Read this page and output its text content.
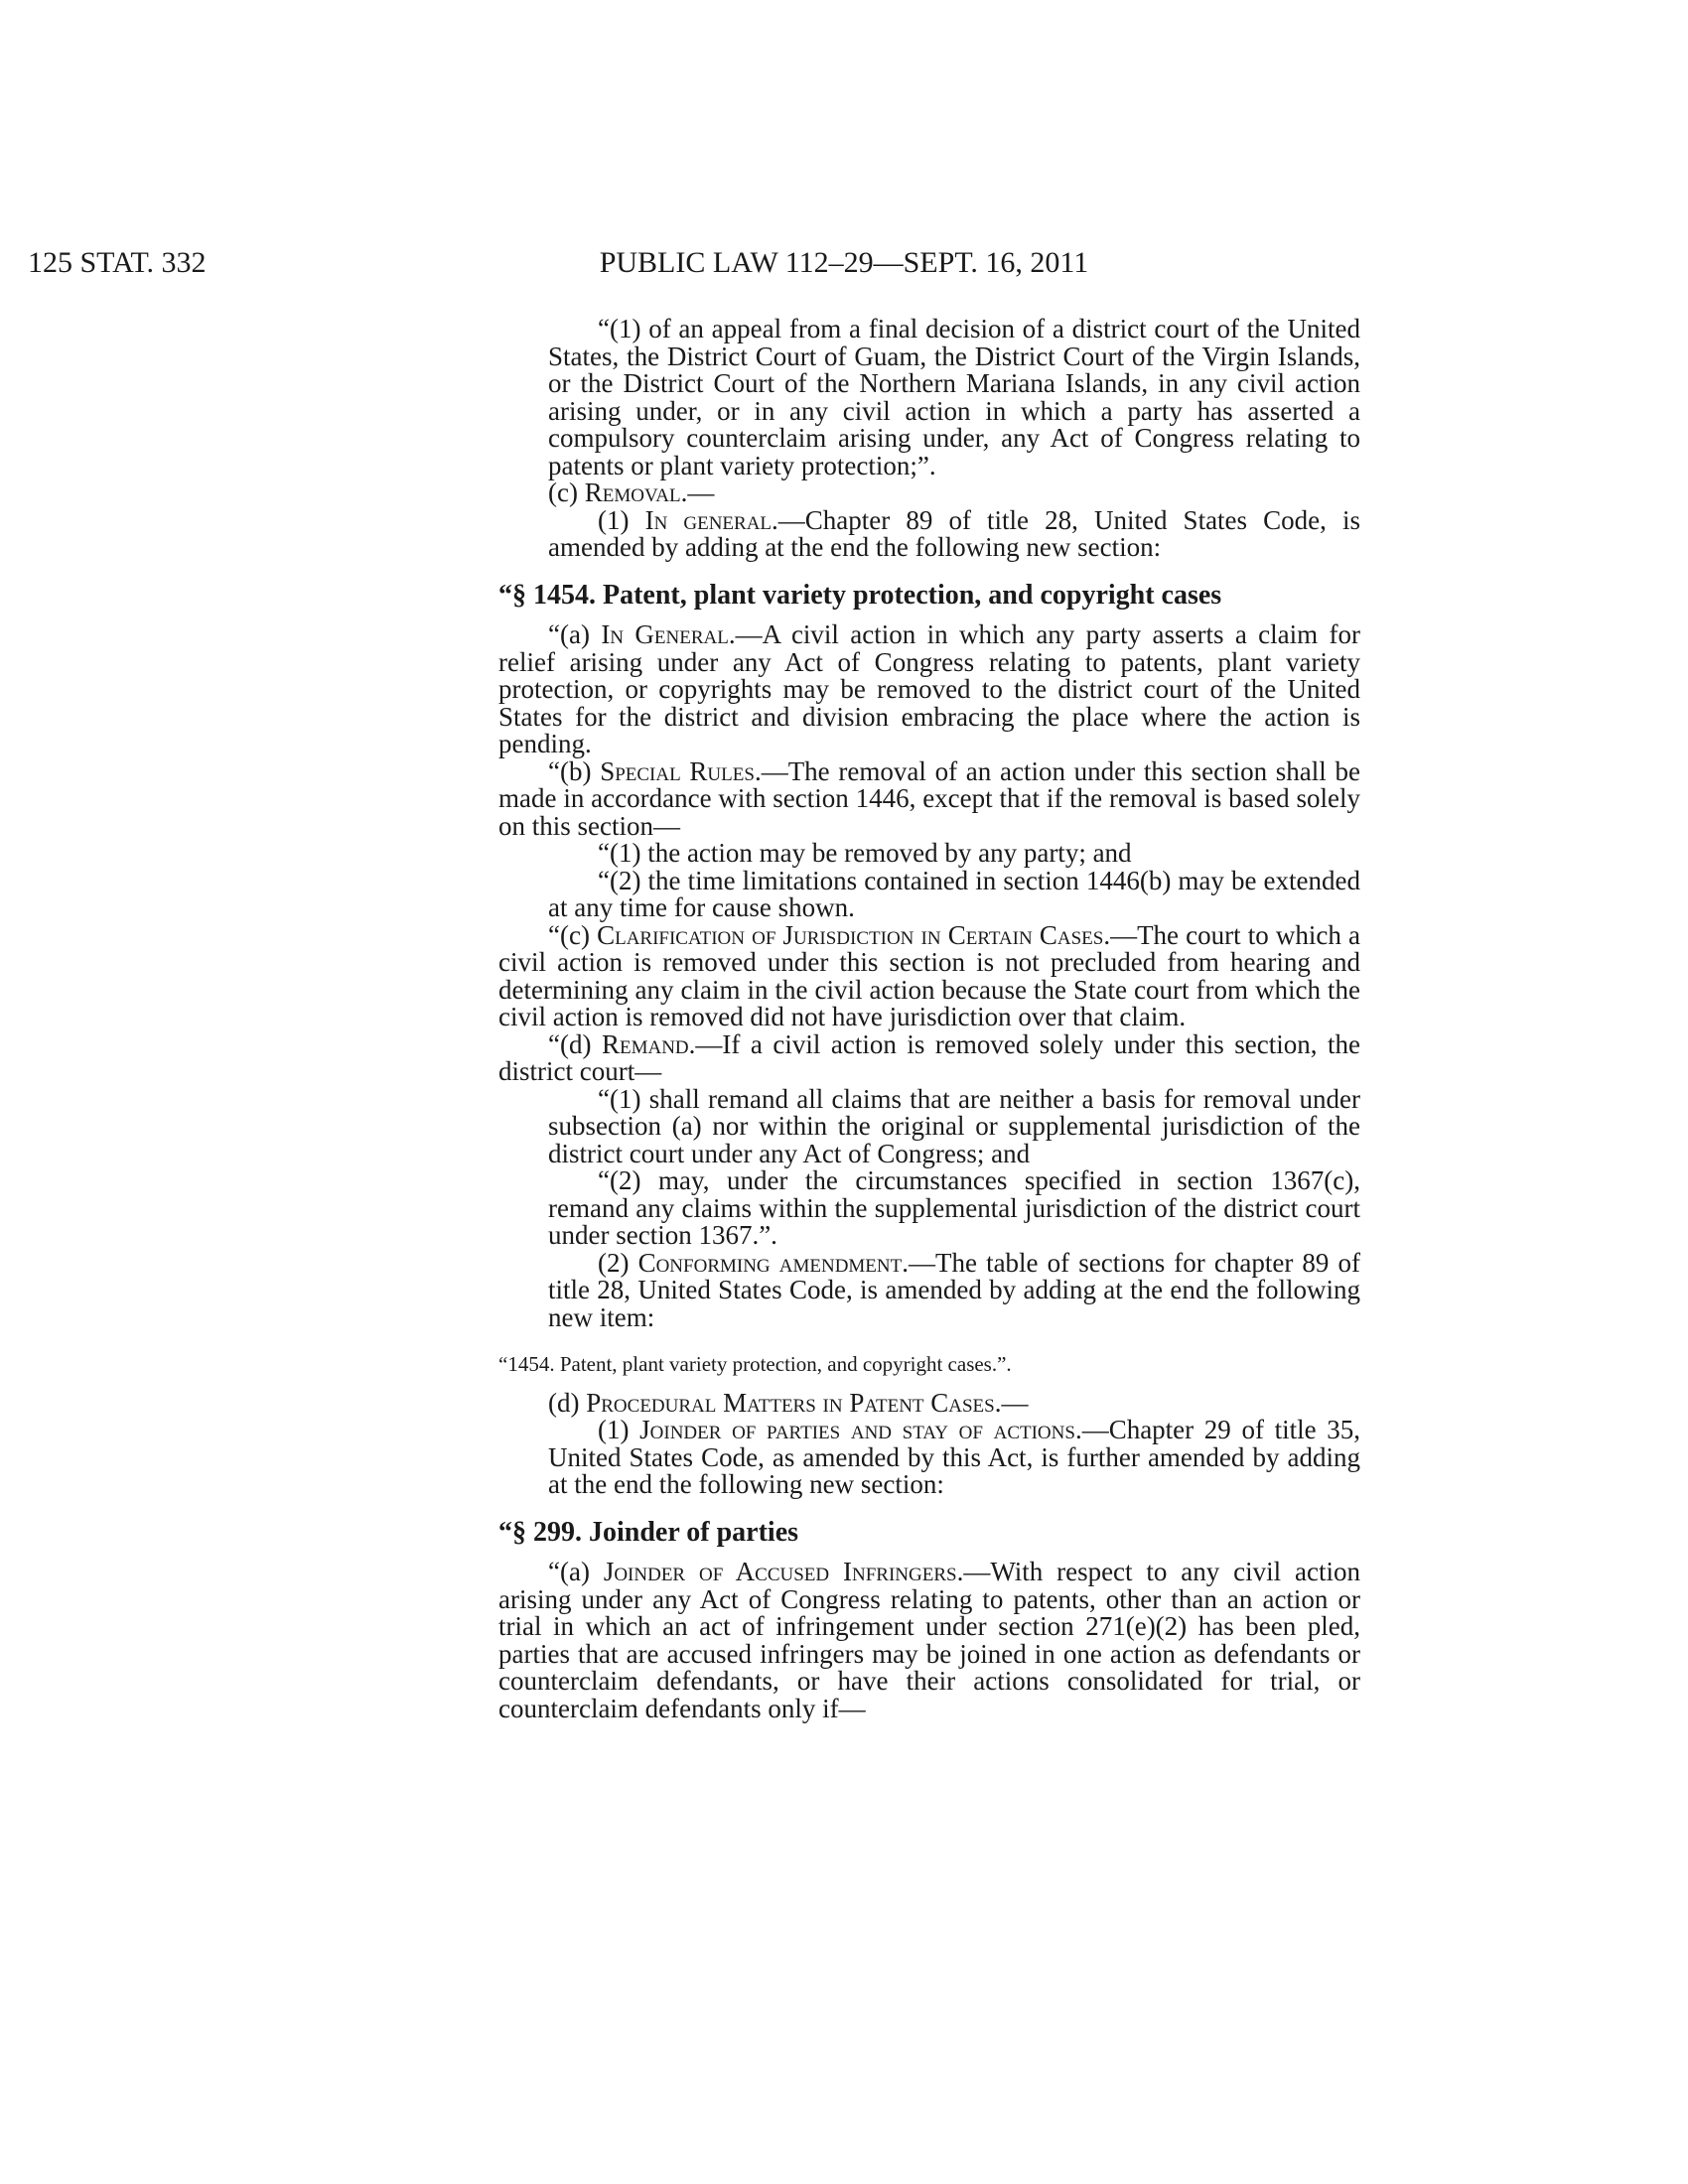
125 STAT. 332	PUBLIC LAW 112–29—SEPT. 16, 2011

“(1) of an appeal from a final decision of a district court of the United States, the District Court of Guam, the District Court of the Virgin Islands, or the District Court of the Northern Mariana Islands, in any civil action arising under, or in any civil action in which a party has asserted a compulsory counterclaim arising under, any Act of Congress relating to patents or plant variety protection;”.

(c) Removal.—

(1) In general.—Chapter 89 of title 28, United States Code, is amended by adding at the end the following new section:

“§ 1454. Patent, plant variety protection, and copyright cases

“(a) In General.—A civil action in which any party asserts a claim for relief arising under any Act of Congress relating to patents, plant variety protection, or copyrights may be removed to the district court of the United States for the district and division embracing the place where the action is pending.

“(b) Special Rules.—The removal of an action under this section shall be made in accordance with section 1446, except that if the removal is based solely on this section—

“(1) the action may be removed by any party; and

“(2) the time limitations contained in section 1446(b) may be extended at any time for cause shown.

“(c) Clarification of Jurisdiction in Certain Cases.—The court to which a civil action is removed under this section is not precluded from hearing and determining any claim in the civil action because the State court from which the civil action is removed did not have jurisdiction over that claim.

“(d) Remand.—If a civil action is removed solely under this section, the district court—

“(1) shall remand all claims that are neither a basis for removal under subsection (a) nor within the original or supplemental jurisdiction of the district court under any Act of Congress; and

“(2) may, under the circumstances specified in section 1367(c), remand any claims within the supplemental jurisdiction of the district court under section 1367.”.

(2) Conforming amendment.—The table of sections for chapter 89 of title 28, United States Code, is amended by adding at the end the following new item:

“1454. Patent, plant variety protection, and copyright cases.”.

(d) Procedural Matters in Patent Cases.—

(1) Joinder of parties and stay of actions.—Chapter 29 of title 35, United States Code, as amended by this Act, is further amended by adding at the end the following new section:

“§ 299. Joinder of parties

“(a) Joinder of Accused Infringers.—With respect to any civil action arising under any Act of Congress relating to patents, other than an action or trial in which an act of infringement under section 271(e)(2) has been pled, parties that are accused infringers may be joined in one action as defendants or counterclaim defendants, or have their actions consolidated for trial, or counterclaim defendants only if—
